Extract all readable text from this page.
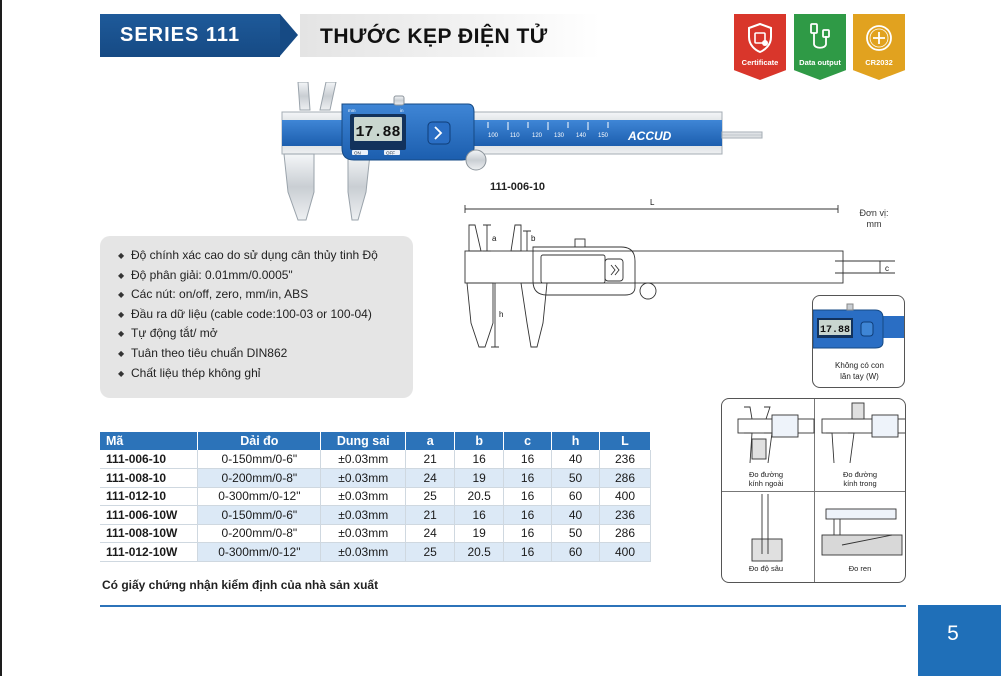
SERIES 111	THƯỚC KẸP ĐIỆN TỬ
Certificate	Data output	CR2032
100 110 120 130 140 150 ACCUD
17.88
ON	OFF
mm	in
111-006-10
L
a	b
c
h
Đơn vị:
mm
◆ Độ chính xác cao do sử dụng cân thủy tinh Độ
◆ Độ phân giải: 0.01mm/0.0005"
◆ Các nút: on/off, zero, mm/in, ABS
◆ Đầu ra dữ liệu (cable code:100-03 or 100-04)
◆ Tự động tắt/ mở
◆ Tuân theo tiêu chuẩn DIN862
◆ Chất liệu thép không ghỉ
17.88
Không có con
lăn tay (W)
Đo đường
kính ngoài
Đo đường
kính trong
Đo độ sâu	Đo ren
Mã	Dải đo	Dung sai	a	b	c	h	L
111-006-10	0-150mm/0-6"	±0.03mm	21	16	16	40	236
111-008-10	0-200mm/0-8"	±0.03mm	24	19	16	50	286
111-012-10	0-300mm/0-12"	±0.03mm	25	20.5	16	60	400
111-006-10W	0-150mm/0-6"	±0.03mm	21	16	16	40	236
111-008-10W	0-200mm/0-8"	±0.03mm	24	19	16	50	286
111-012-10W	0-300mm/0-12"	±0.03mm	25	20.5	16	60	400
Có giấy chứng nhận kiểm định của nhà sản xuất
5
